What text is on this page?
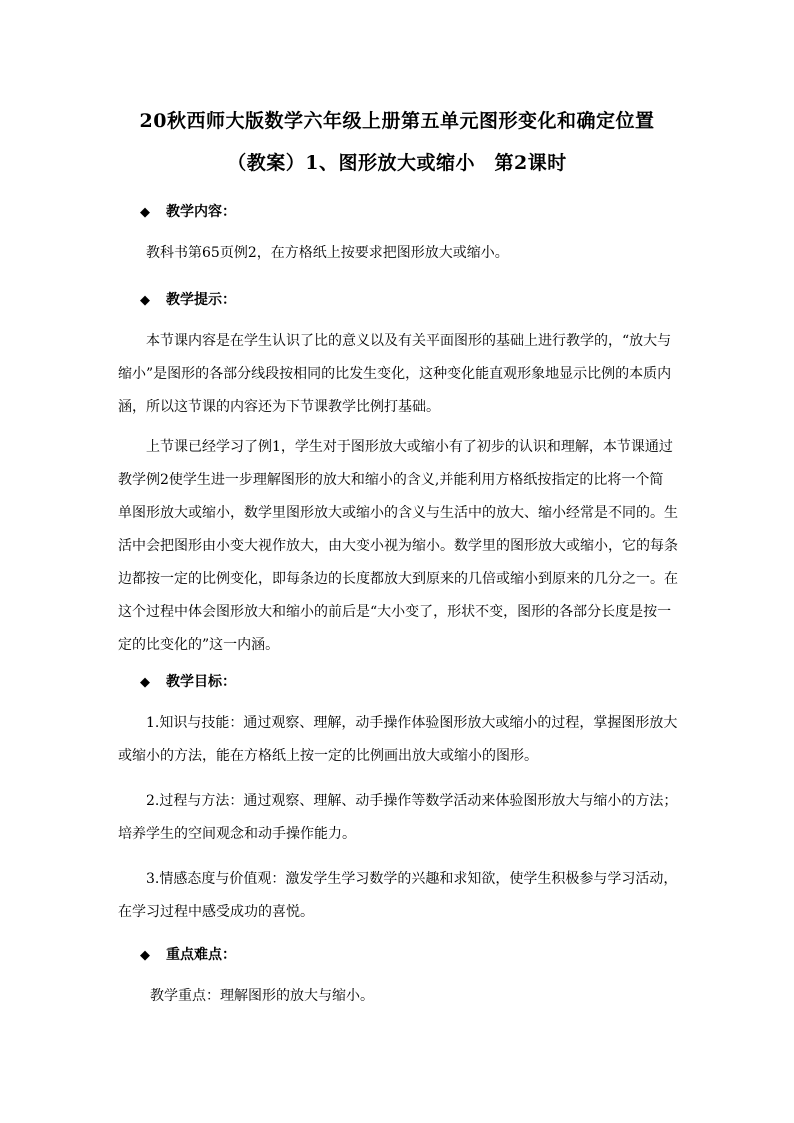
20秋西师大版数学六年级上册第五单元图形变化和确定位置
（教案）1、图形放大或缩小　第2课时
◆ 教学内容：
教科书第65页例2，在方格纸上按要求把图形放大或缩小。
◆ 教学提示：
本节课内容是在学生认识了比的意义以及有关平面图形的基础上进行教学的，“放大与
缩小”是图形的各部分线段按相同的比发生变化，这种变化能直观形象地显示比例的本质内
涵，所以这节课的内容还为下节课教学比例打基础。
上节课已经学习了例1，学生对于图形放大或缩小有了初步的认识和理解，本节课通过
教学例2使学生进一步理解图形的放大和缩小的含义,并能利用方格纸按指定的比将一个简
单图形放大或缩小，数学里图形放大或缩小的含义与生活中的放大、缩小经常是不同的。生
活中会把图形由小变大视作放大，由大变小视为缩小。数学里的图形放大或缩小，它的每条
边都按一定的比例变化，即每条边的长度都放大到原来的几倍或缩小到原来的几分之一。在
这个过程中体会图形放大和缩小的前后是“大小变了，形状不变，图形的各部分长度是按一
定的比变化的”这一内涵。
◆ 教学目标：
1.知识与技能：通过观察、理解，动手操作体验图形放大或缩小的过程，掌握图形放大
或缩小的方法，能在方格纸上按一定的比例画出放大或缩小的图形。
2.过程与方法：通过观察、理解、动手操作等数学活动来体验图形放大与缩小的方法；
培养学生的空间观念和动手操作能力。
3.情感态度与价值观：激发学生学习数学的兴趣和求知欲，使学生积极参与学习活动，
在学习过程中感受成功的喜悦。
◆ 重点难点：
教学重点：理解图形的放大与缩小。
